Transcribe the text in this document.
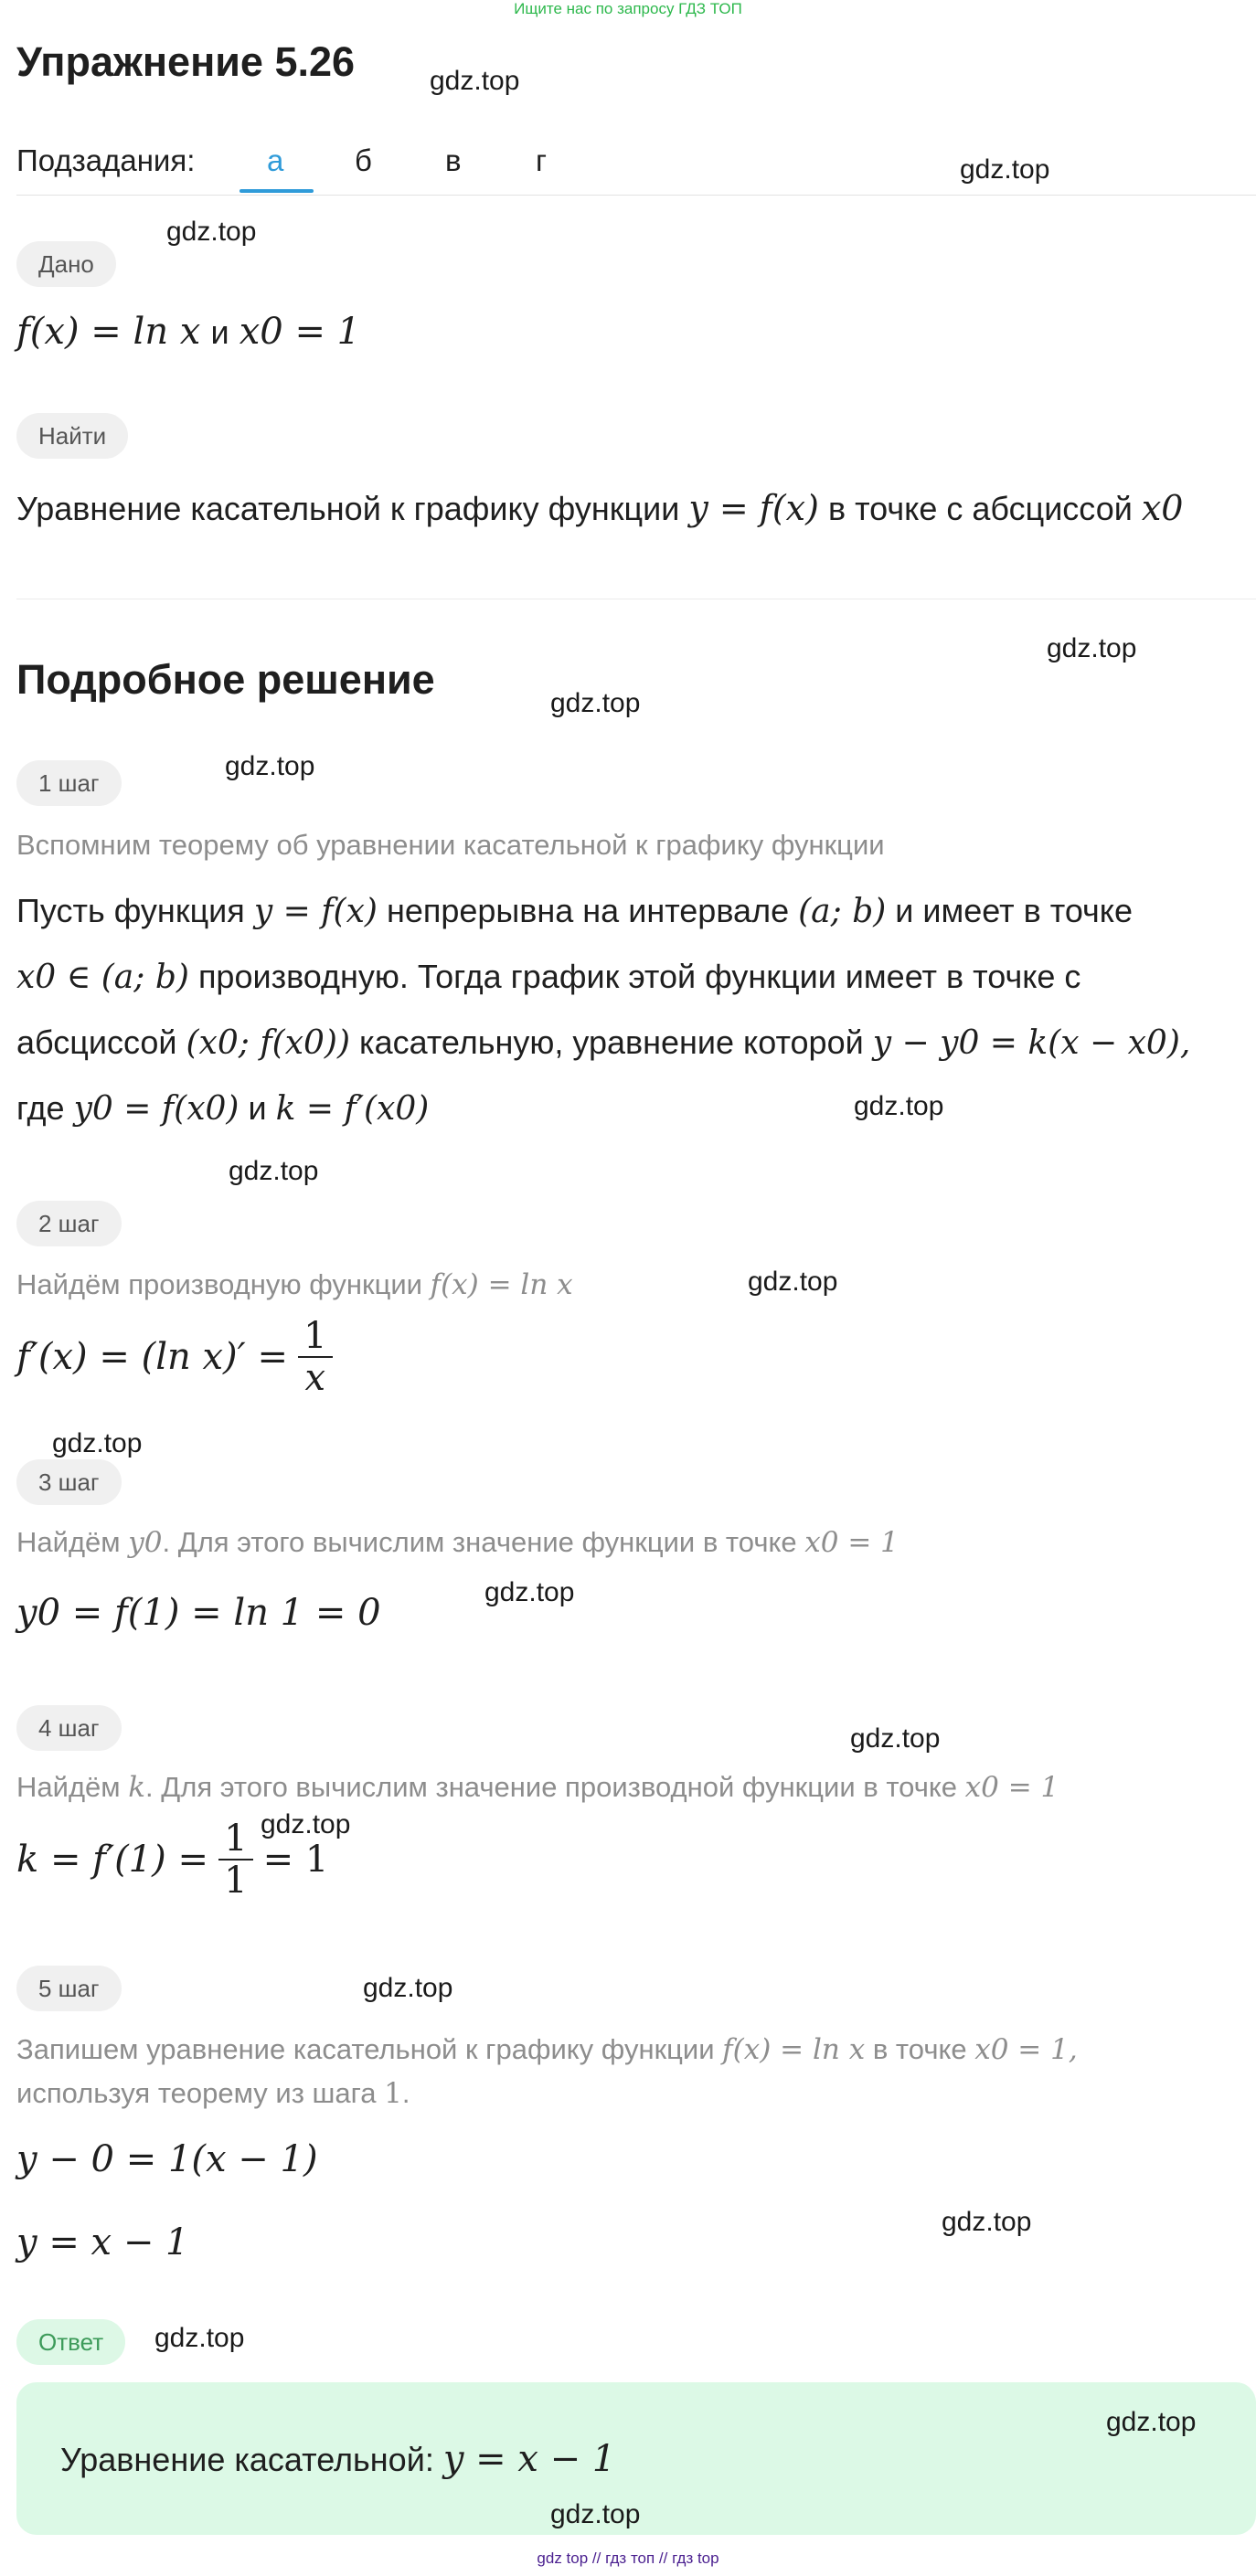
Ищите нас по запросу ГДЗ ТОП
Упражнение 5.26
Подзадания: а б в г
Дано
f(x) = ln x и x0 = 1
Найти
Уравнение касательной к графику функции y = f(x) в точке с абсциссой x0
Подробное решение
1 шаг
Вспомним теорему об уравнении касательной к графику функции
Пусть функция y = f(x) непрерывна на интервале (a; b) и имеет в точке
x0 ∈ (a; b) производную. Тогда график этой функции имеет в точке с
абсциссой (x0; f(x0)) касательную, уравнение которой y − y0 = k(x − x0),
где y0 = f(x0) и k = f′(x0)
2 шаг
Найдём производную функции f(x) = ln x
f′(x) = (ln $x)' = \frac{1}{x}$
3 шаг
Найдём y0. Для этого вычислим значение функции в точке x0 = 1
y0 = f(1) = ln 1 = 0
4 шаг
Найдём k. Для этого вычислим значение производной функции в точке x0 = 1
$k = f'(1) = \frac{1}{1} = 1$
5 шаг
Запишем уравнение касательной к графику функции f(x) = ln x в точке x0 = 1,
используя теорему из шага 1.
y − 0 = 1(x − 1)
y = x − 1
Ответ
Уравнение касательной: y = x − 1
gdz.top
gdz.top
gdz.top
gdz.top
gdz.top
gdz.top
gdz.top
gdz.top
gdz.top
gdz.top
gdz.top
gdz.top
gdz.top
gdz.top
gdz.top
gdz.top
gdz.top
gdz.top
gdz top // гдз топ // гдз top
